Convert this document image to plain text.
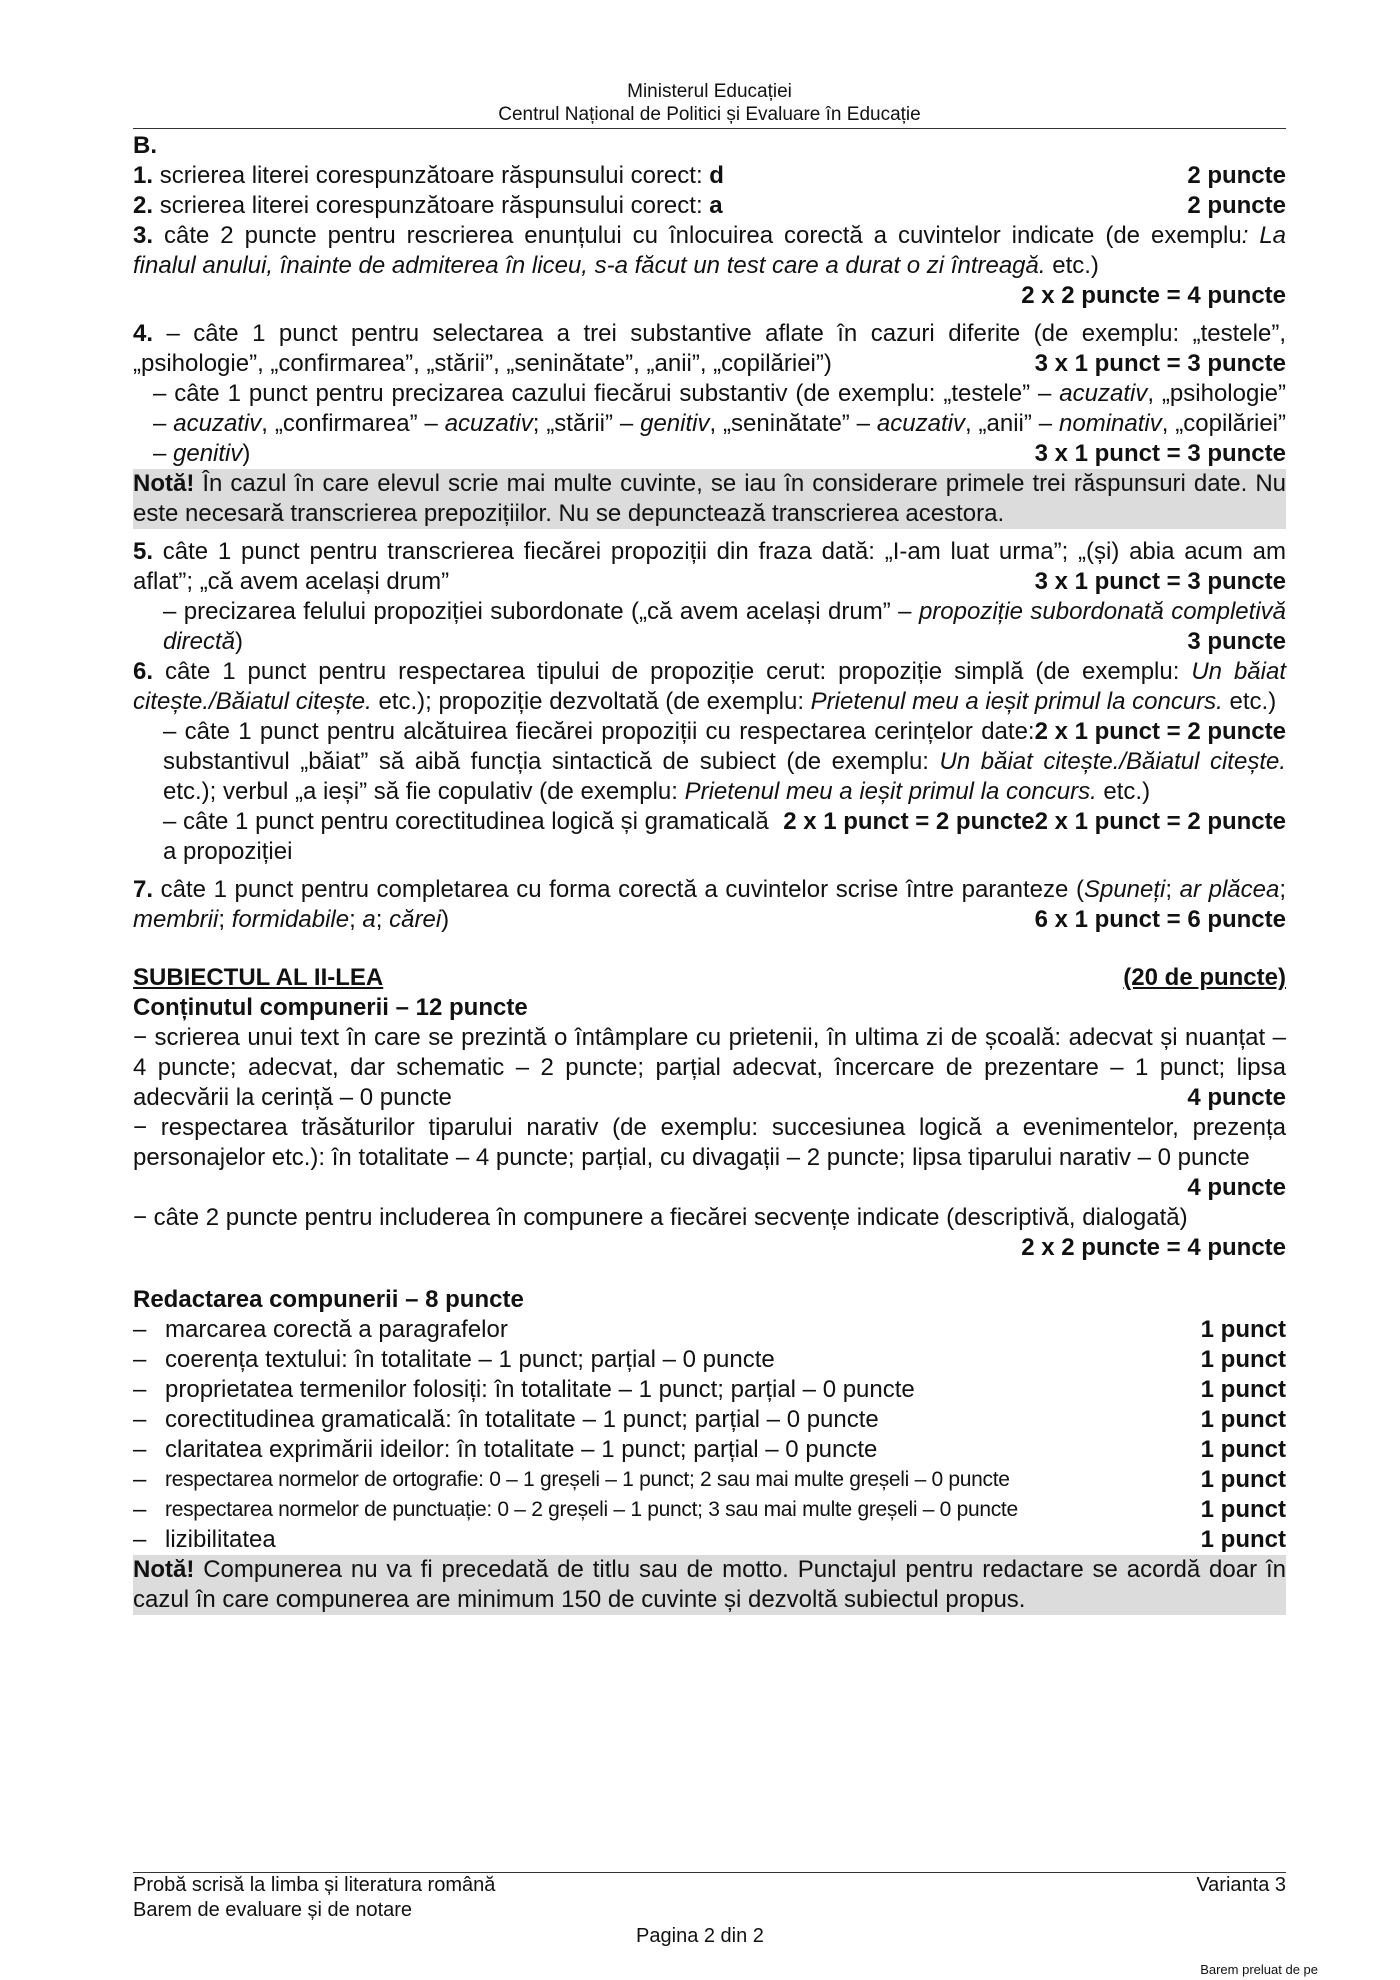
Ministerul Educației
Centrul Național de Politici și Evaluare în Educație

B.

1. scrierea literei corespunzătoare răspunsului corect: d	2 puncte
2. scrierea literei corespunzătoare răspunsului corect: a	2 puncte

3. câte 2 puncte pentru rescrierea enunțului cu înlocuirea corectă a cuvintelor indicate (de exemplu: La finalul anului, înainte de admiterea în liceu, s-a făcut un test care a durat o zi întreagă. etc.)

2 x 2 puncte = 4 puncte

4. – câte 1 punct pentru selectarea a trei substantive aflate în cazuri diferite (de exemplu: „testele”, „psihologie”, „confirmarea”, „stării”, „seninătate”, „anii”, „copilăriei”)	3 x 1 punct = 3 puncte

– câte 1 punct pentru precizarea cazului fiecărui substantiv (de exemplu: „testele” – acuzativ, „psihologie” – acuzativ, „confirmarea” – acuzativ; „stării” – genitiv, „seninătate” – acuzativ, „anii” – nominativ, „copilăriei” – genitiv)	3 x 1 punct = 3 puncte

Notă! În cazul în care elevul scrie mai multe cuvinte, se iau în considerare primele trei răspunsuri date. Nu este necesară transcrierea prepozițiilor. Nu se depunctează transcrierea acestora.

5. câte 1 punct pentru transcrierea fiecărei propoziții din fraza dată: „I-am luat urma”; „(și) abia acum am aflat”; „că avem același drum”	3 x 1 punct = 3 puncte

– precizarea felului propoziției subordonate („că avem același drum” – propoziție subordonată completivă directă)	3 puncte

6. câte 1 punct pentru respectarea tipului de propoziție cerut: propoziție simplă (de exemplu: Un băiat citește./Băiatul citește. etc.); propoziție dezvoltată (de exemplu: Prietenul meu a ieșit primul la concurs. etc.)
2 x 1 punct = 2 puncte

– câte 1 punct pentru alcătuirea fiecărei propoziții cu respectarea cerințelor date: substantivul „băiat” să aibă funcția sintactică de subiect (de exemplu: Un băiat citește./Băiatul citește. etc.); verbul „a ieși” să fie copulativ (de exemplu: Prietenul meu a ieșit primul la concurs. etc.)
2 x 1 punct = 2 puncte

– câte 1 punct pentru corectitudinea logică și gramaticală a propoziției
2 x 1 punct = 2 puncte

7. câte 1 punct pentru completarea cu forma corectă a cuvintelor scrise între paranteze (Spuneți; ar plăcea; membrii; formidabile; a; cărei)	6 x 1 punct = 6 puncte

SUBIECTUL AL II-LEA	(20 de puncte)

Conținutul compunerii – 12 puncte

− scrierea unui text în care se prezintă o întâmplare cu prietenii, în ultima zi de școală: adecvat și nuanțat – 4 puncte; adecvat, dar schematic – 2 puncte; parțial adecvat, încercare de prezentare – 1 punct; lipsa adecvării la cerință – 0 puncte	4 puncte

− respectarea trăsăturilor tiparului narativ (de exemplu: succesiunea logică a evenimentelor, prezența personajelor etc.): în totalitate – 4 puncte; parțial, cu divagații – 2 puncte; lipsa tiparului narativ – 0 puncte

4 puncte

− câte 2 puncte pentru includerea în compunere a fiecărei secvențe indicate (descriptivă, dialogată)

2 x 2 puncte = 4 puncte

Redactarea compunerii – 8 puncte

– marcarea corectă a paragrafelor	1 punct
– coerența textului: în totalitate – 1 punct; parțial – 0 puncte	1 punct
– proprietatea termenilor folosiți: în totalitate – 1 punct; parțial – 0 puncte	1 punct
– corectitudinea gramaticală: în totalitate – 1 punct; parțial – 0 puncte	1 punct
– claritatea exprimării ideilor: în totalitate – 1 punct; parțial – 0 puncte	1 punct
– respectarea normelor de ortografie: 0 – 1 greșeli – 1 punct; 2 sau mai multe greșeli – 0 puncte	1 punct
– respectarea normelor de punctuație: 0 – 2 greșeli – 1 punct; 3 sau mai multe greșeli – 0 puncte	1 punct
– lizibilitatea	1 punct

Notă! Compunerea nu va fi precedată de titlu sau de motto. Punctajul pentru redactare se acordă doar în cazul în care compunerea are minimum 150 de cuvinte și dezvoltă subiectul propus.

Probă scrisă la limba și literatura română	Varianta 3
Barem de evaluare și de notare
Pagina 2 din 2
Barem preluat de pe
